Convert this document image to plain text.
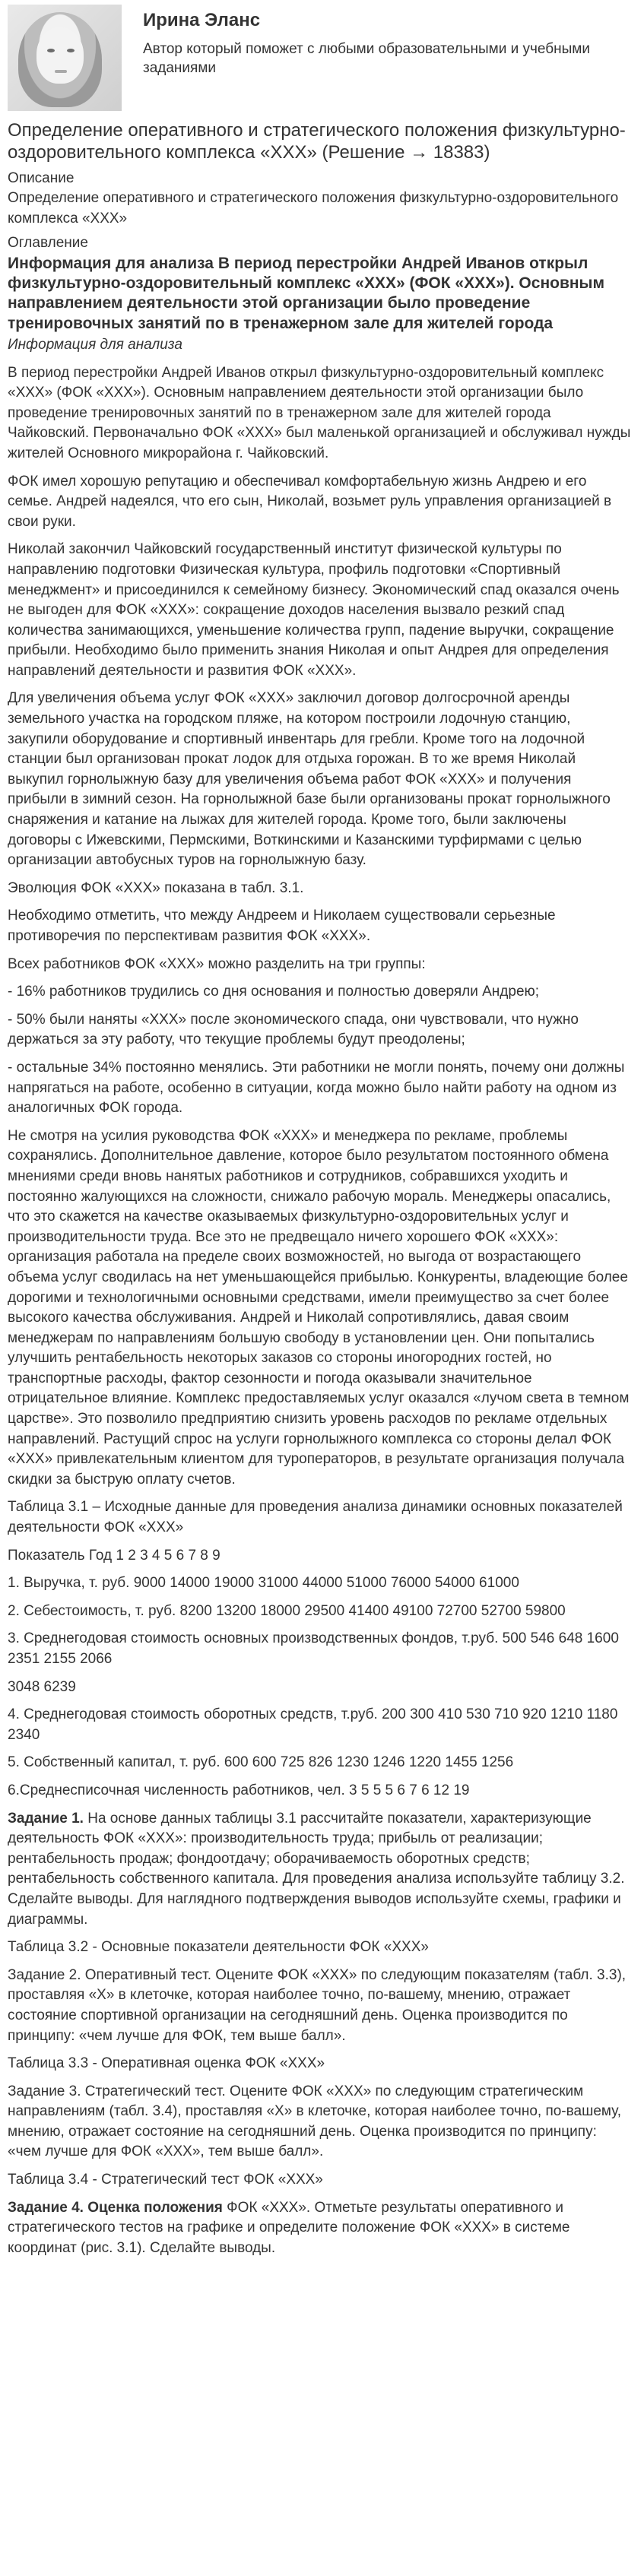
Ирина Эланс
Автор который поможет с любыми образовательными и учебными заданиями
Определение оперативного и стратегического положения физкультурно-оздоровительного комплекса «ХХХ» (Решение → 18383)
Описание
Определение оперативного и стратегического положения физкультурно-оздоровительного комплекса «ХХХ»
Оглавление
Информация для анализа В период перестройки Андрей Иванов открыл физкультурно-оздоровительный комплекс «ХХХ» (ФОК «ХХХ»). Основным направлением деятельности этой организации было проведение тренировочных занятий по в тренажерном зале для жителей города
Информация для анализа

В период перестройки Андрей Иванов открыл физкультурно-оздоровительный комплекс «ХХХ» (ФОК «ХХХ»). Основным направлением деятельности этой организации было проведение тренировочных занятий по в тренажерном зале для жителей города Чайковский. Первоначально ФОК «ХХХ» был маленькой организацией и обслуживал нужды жителей Основного микрорайона г. Чайковский.

ФОК имел хорошую репутацию и обеспечивал комфортабельную жизнь Андрею и его семье. Андрей надеялся, что его сын, Николай, возьмет руль управления организацией в свои руки.

Николай закончил Чайковский государственный институт физической культуры по направлению подготовки Физическая культура, профиль подготовки «Спортивный менеджмент» и присоединился к семейному бизнесу. Экономический спад оказался очень не выгоден для ФОК «ХХХ»: сокращение доходов населения вызвало резкий спад количества занимающихся, уменьшение количества групп, падение выручки, сокращение прибыли. Необходимо было применить знания Николая и опыт Андрея для определения направлений деятельности и развития ФОК «ХХХ».

Для увеличения объема услуг ФОК «ХХХ» заключил договор долгосрочной аренды земельного участка на городском пляже, на котором построили лодочную станцию, закупили оборудование и спортивный инвентарь для гребли. Кроме того на лодочной станции был организован прокат лодок для отдыха горожан. В то же время Николай выкупил горнолыжную базу для увеличения объема работ ФОК «ХХХ» и получения прибыли в зимний сезон. На горнолыжной базе были организованы прокат горнолыжного снаряжения и катание на лыжах для жителей города. Кроме того, были заключены договоры с Ижевскими, Пермскими, Воткинскими и Казанскими турфирмами с целью организации автобусных туров на горнолыжную базу.

Эволюция ФОК «ХХХ» показана в табл. 3.1.

Необходимо отметить, что между Андреем и Николаем существовали серьезные противоречия по перспективам развития ФОК «ХХХ».

Всех работников ФОК «ХХХ» можно разделить на три группы:

- 16% работников трудились со дня основания и полностью доверяли Андрею;

- 50% были наняты «ХХХ» после экономического спада, они чувствовали, что нужно держаться за эту работу, что текущие проблемы будут преодолены;

- остальные 34% постоянно менялись. Эти работники не могли понять, почему они должны напрягаться на работе, особенно в ситуации, когда можно было найти работу на одном из аналогичных ФОК города.

Не смотря на усилия руководства ФОК «ХХХ» и менеджера по рекламе, проблемы сохранялись. Дополнительное давление, которое было результатом постоянного обмена мнениями среди вновь нанятых работников и сотрудников, собравшихся уходить и постоянно жалующихся на сложности, снижало рабочую мораль. Менеджеры опасались, что это скажется на качестве оказываемых физкультурно-оздоровительных услуг и производительности труда. Все это не предвещало ничего хорошего ФОК «ХХХ»: организация работала на пределе своих возможностей, но выгода от возрастающего объема услуг сводилась на нет уменьшающейся прибылью. Конкуренты, владеющие более дорогими и технологичными основными средствами, имели преимущество за счет более высокого качества обслуживания. Андрей и Николай сопротивлялись, давая своим менеджерам по направлениям большую свободу в установлении цен. Они попытались улучшить рентабельность некоторых заказов со стороны иногородних гостей, но транспортные расходы, фактор сезонности и погода оказывали значительное отрицательное влияние. Комплекс предоставляемых услуг оказался «лучом света в темном царстве». Это позволило предприятию снизить уровень расходов по рекламе отдельных направлений. Растущий спрос на услуги горнолыжного комплекса со стороны делал ФОК «ХХХ» привлекательным клиентом для туроператоров, в результате организация получала скидки за быструю оплату счетов.

Таблица 3.1 – Исходные данные для проведения анализа динамики основных показателей деятельности ФОК «ХХХ»

Показатель Год 1 2 3 4 5 6 7 8 9

1. Выручка, т. руб. 9000 14000 19000 31000 44000 51000 76000 54000 61000

2. Себестоимость, т. руб. 8200 13200 18000 29500 41400 49100 72700 52700 59800

3. Среднегодовая стоимость основных производственных фондов, т.руб. 500 546 648 1600 2351 2155 2066

3048 6239

4. Среднегодовая стоимость оборотных средств, т.руб. 200 300 410 530 710 920 1210 1180 2340

5. Собственный капитал, т. руб. 600 600 725 826 1230 1246 1220 1455 1256

6.Среднесписочная численность работников, чел. 3 5 5 5 6 7 6 12 19

Задание 1. На основе данных таблицы 3.1 рассчитайте показатели, характеризующие деятельность ФОК «ХХХ»: производительность труда; прибыль от реализации; рентабельность продаж; фондоотдачу; оборачиваемость оборотных средств; рентабельность собственного капитала. Для проведения анализа используйте таблицу 3.2. Сделайте выводы. Для наглядного подтверждения выводов используйте схемы, графики и диаграммы.

Таблица 3.2 - Основные показатели деятельности ФОК «ХХХ»

Задание 2. Оперативный тест. Оцените ФОК «ХХХ» по следующим показателям (табл. 3.3), проставляя «Х» в клеточке, которая наиболее точно, по-вашему, мнению, отражает состояние спортивной организации на сегодняшний день. Оценка производится по принципу: «чем лучше для ФОК, тем выше балл».

Таблица 3.3 - Оперативная оценка ФОК «ХХХ»

Задание 3. Стратегический тест. Оцените ФОК «ХХХ» по следующим стратегическим направлениям (табл. 3.4), проставляя «Х» в клеточке, которая наиболее точно, по-вашему, мнению, отражает состояние на сегодняшний день. Оценка производится по принципу: «чем лучше для ФОК «ХХХ», тем выше балл».

Таблица 3.4 - Стратегический тест ФОК «ХХХ»

Задание 4. Оценка положения ФОК «ХХХ». Отметьте результаты оперативного и стратегического тестов на графике и определите положение ФОК «ХХХ» в системе координат (рис. 3.1). Сделайте выводы.
